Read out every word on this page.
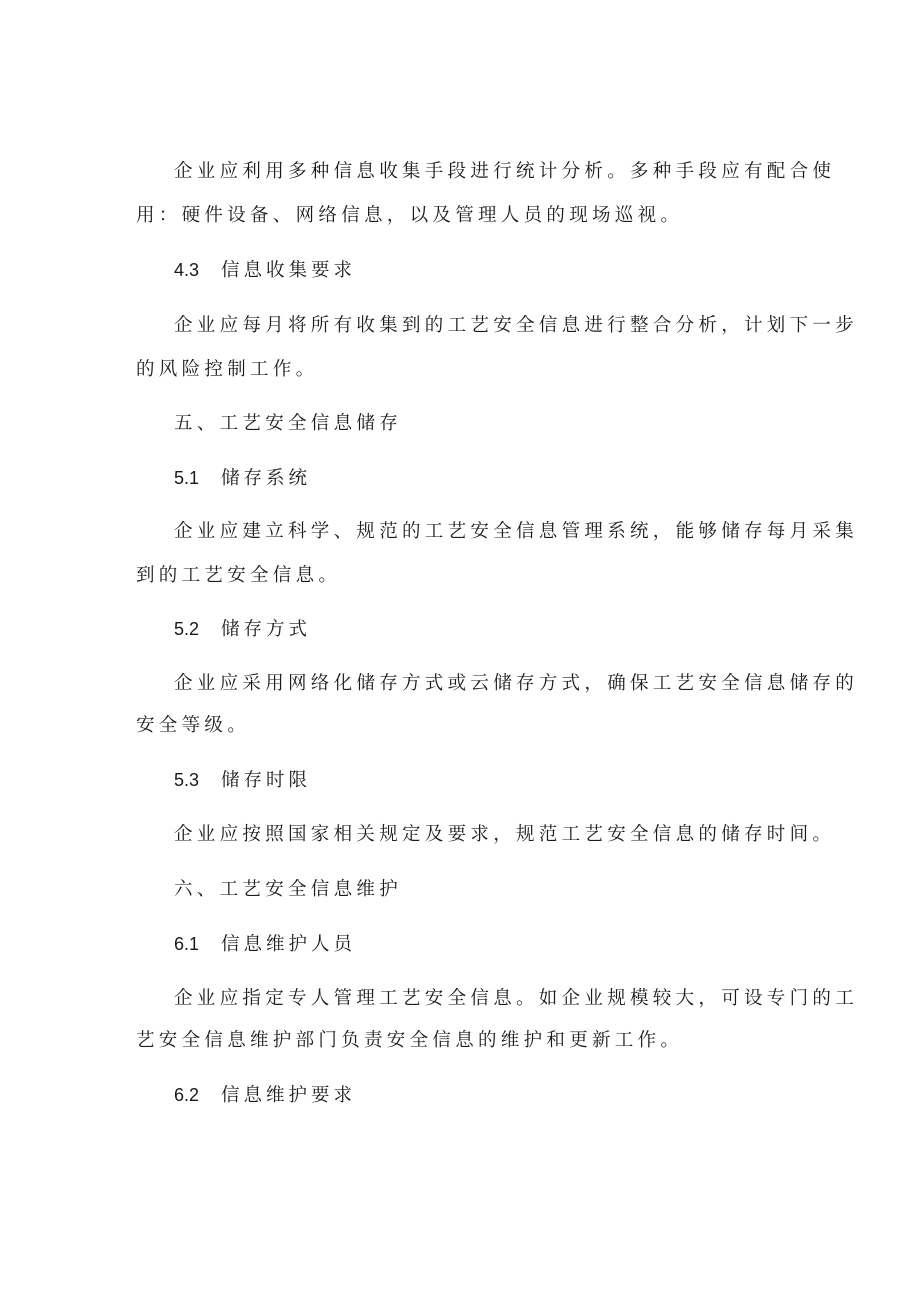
企业应利用多种信息收集手段进行统计分析。多种手段应有配合使
用：硬件设备、网络信息，以及管理人员的现场巡视。
4.3 信息收集要求
企业应每月将所有收集到的工艺安全信息进行整合分析，计划下一步
的风险控制工作。
五、工艺安全信息储存
5.1 储存系统
企业应建立科学、规范的工艺安全信息管理系统，能够储存每月采集
到的工艺安全信息。
5.2 储存方式
企业应采用网络化储存方式或云储存方式，确保工艺安全信息储存的
安全等级。
5.3 储存时限
企业应按照国家相关规定及要求，规范工艺安全信息的储存时间。
六、工艺安全信息维护
6.1 信息维护人员
企业应指定专人管理工艺安全信息。如企业规模较大，可设专门的工
艺安全信息维护部门负责安全信息的维护和更新工作。
6.2 信息维护要求
